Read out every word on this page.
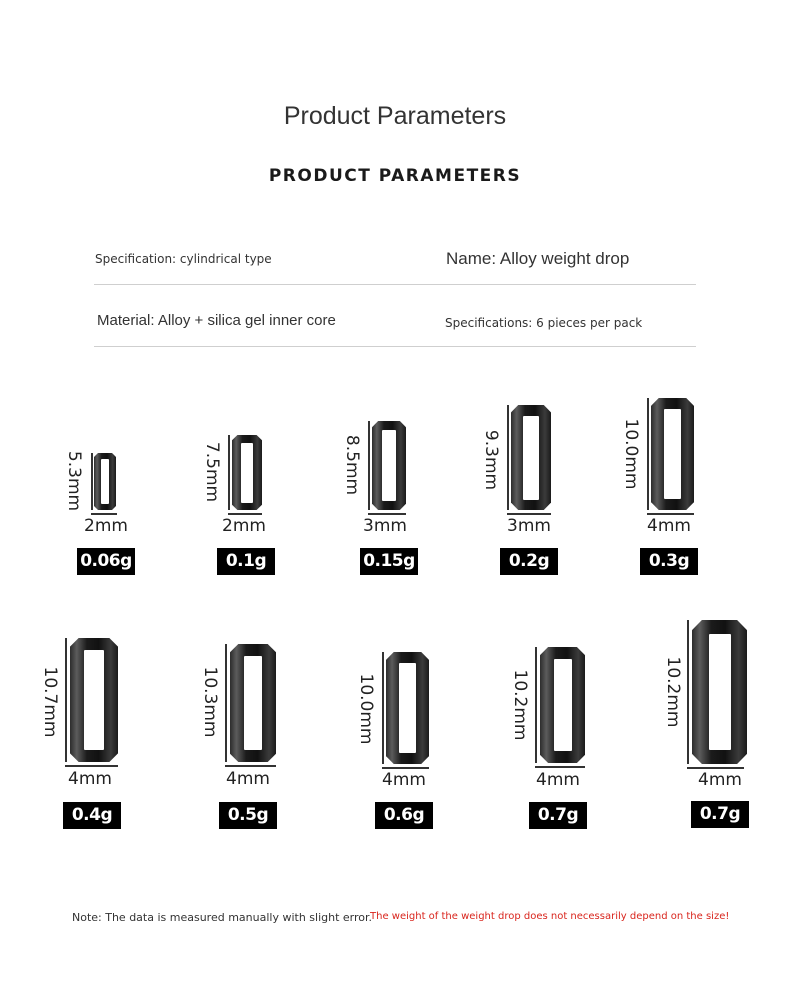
Product Parameters
PRODUCT PARAMETERS
Specification: cylindrical type	Name: Alloy weight drop
Material: Alloy + silica gel inner core	Specifications: 6 pieces per pack
5.3mm
2mm
0.06g
7.5mm
2mm
0.1g
8.5mm
3mm
0.15g
9.3mm
3mm
0.2g
10.0mm
4mm
0.3g
10.7mm
4mm
0.4g
10.3mm
4mm
0.5g
10.0mm
4mm
0.6g
10.2mm
4mm
0.7g
10.2mm
4mm
0.7g
Note: The data is measured manually with slight error.
The weight of the weight drop does not necessarily depend on the size!
